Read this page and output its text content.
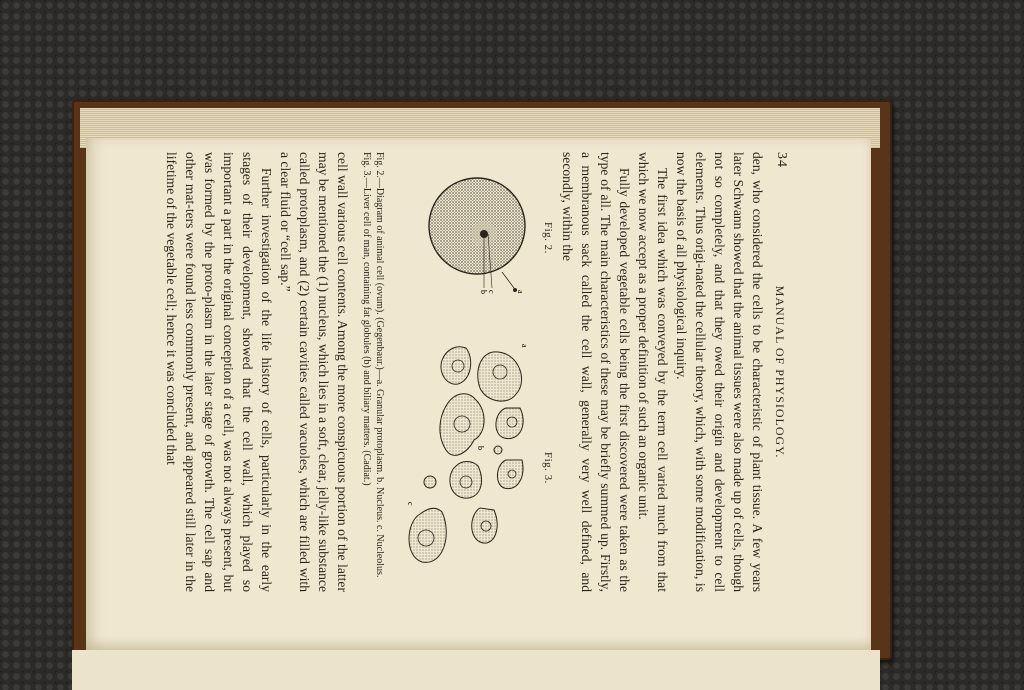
34
MANUAL OF PHYSIOLOGY.

den, who considered the cells to be characteristic of plant tissue. A few years later Schwann showed that the animal tissues were also made up of cells, though not so completely, and that they owed their origin and development to cell elements. Thus origi-nated the cellular theory, which, with some modification, is now the basis of all physiological inquiry.

The first idea which was conveyed by the term cell varied much from that which we now accept as a proper definition of such an organic unit.

Fully developed vegetable cells being the first discovered were taken as the type of all. The main characteristics of these may be briefly summed up. Firstly, a membranous sack called the cell wall, generally very well defined, and secondly, within the

Fig. 2.
Fig. 3.
a
b c
a
b
c

Fig. 2.—Diagram of animal cell (ovum). (Gegenbaur.)—a. Granular protoplasm. b. Nucleus. c. Nucleolus.

Fig. 3.—Liver cell of man, containing fat globules (b) and biliary matters. (Cadiat.)

cell wall various cell contents. Among the more conspicuous portion of the latter may be mentioned the (1) nucleus, which lies in a soft, clear, jelly-like substance called protoplasm, and (2) certain cavities called vacuoles, which are filled with a clear fluid or “cell sap.”

Further investigation of the life history of cells, particularly in the early stages of their development, showed that the cell wall, which played so important a part in the original conception of a cell, was not always present, but was formed by the proto-plasm in the later stage of growth. The cell sap and other mat-ters were found less commonly present, and appeared still later in the lifetime of the vegetable cell; hence it was concluded that
